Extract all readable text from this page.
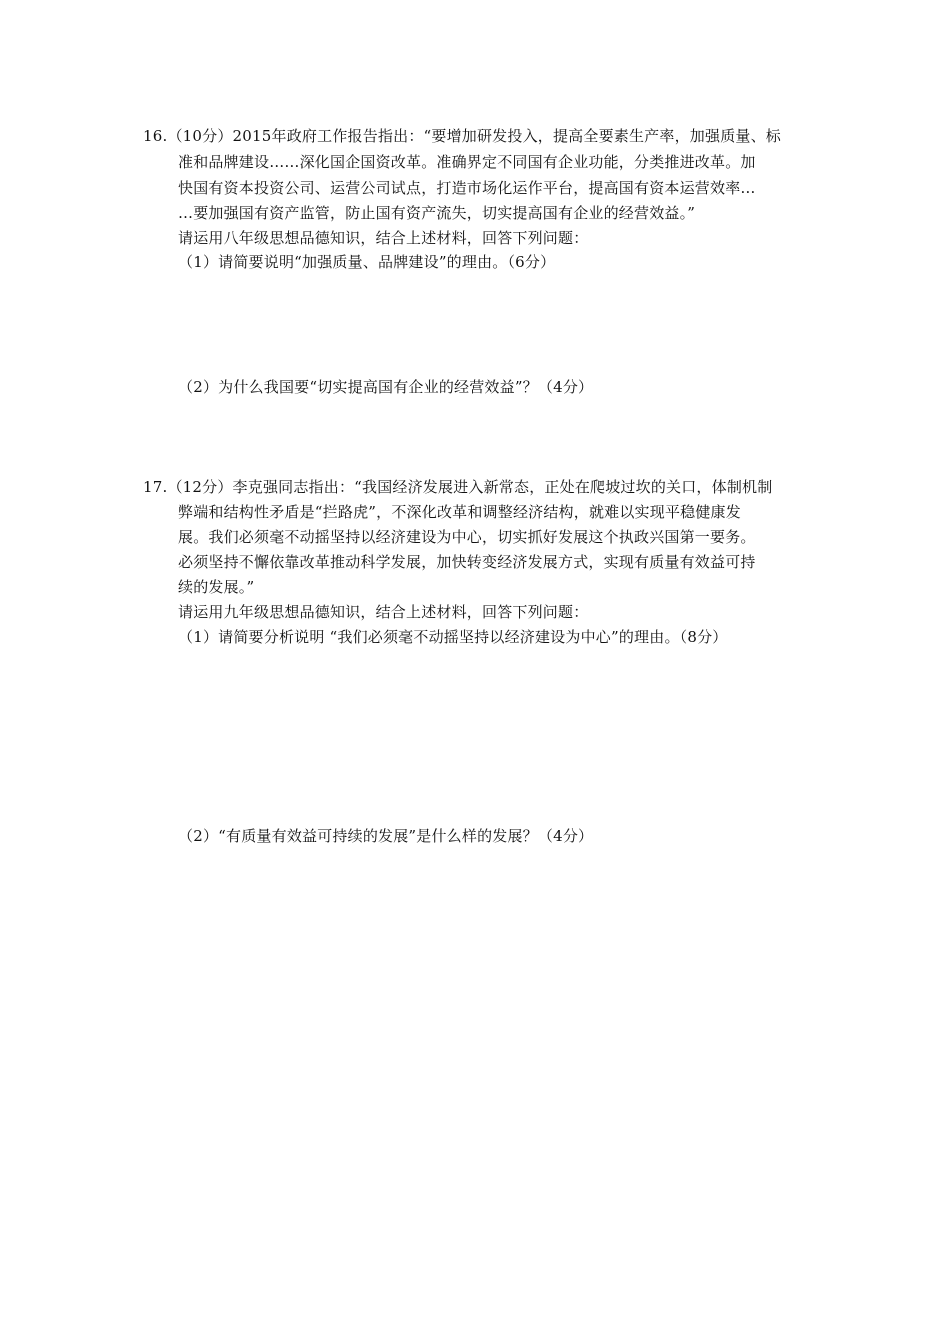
16.（10分）2015年政府工作报告指出：“要增加研发投入，提高全要素生产率，加强质量、标
准和品牌建设……深化国企国资改革。准确界定不同国有企业功能，分类推进改革。加
快国有资本投资公司、运营公司试点，打造市场化运作平台，提高国有资本运营效率…
…要加强国有资产监管，防止国有资产流失，切实提高国有企业的经营效益。”
请运用八年级思想品德知识，结合上述材料，回答下列问题：
（1）请简要说明“加强质量、品牌建设”的理由。（6分）
（2）为什么我国要“切实提高国有企业的经营效益”？（4分）
17.（12分）李克强同志指出：“我国经济发展进入新常态，正处在爬坡过坎的关口，体制机制
弊端和结构性矛盾是“拦路虎”，不深化改革和调整经济结构，就难以实现平稳健康发
展。我们必须毫不动摇坚持以经济建设为中心，切实抓好发展这个执政兴国第一要务。
必须坚持不懈依靠改革推动科学发展，加快转变经济发展方式，实现有质量有效益可持
续的发展。”
请运用九年级思想品德知识，结合上述材料，回答下列问题：
（1）请简要分析说明 “我们必须毫不动摇坚持以经济建设为中心”的理由。（8分）
（2）“有质量有效益可持续的发展”是什么样的发展？（4分）
